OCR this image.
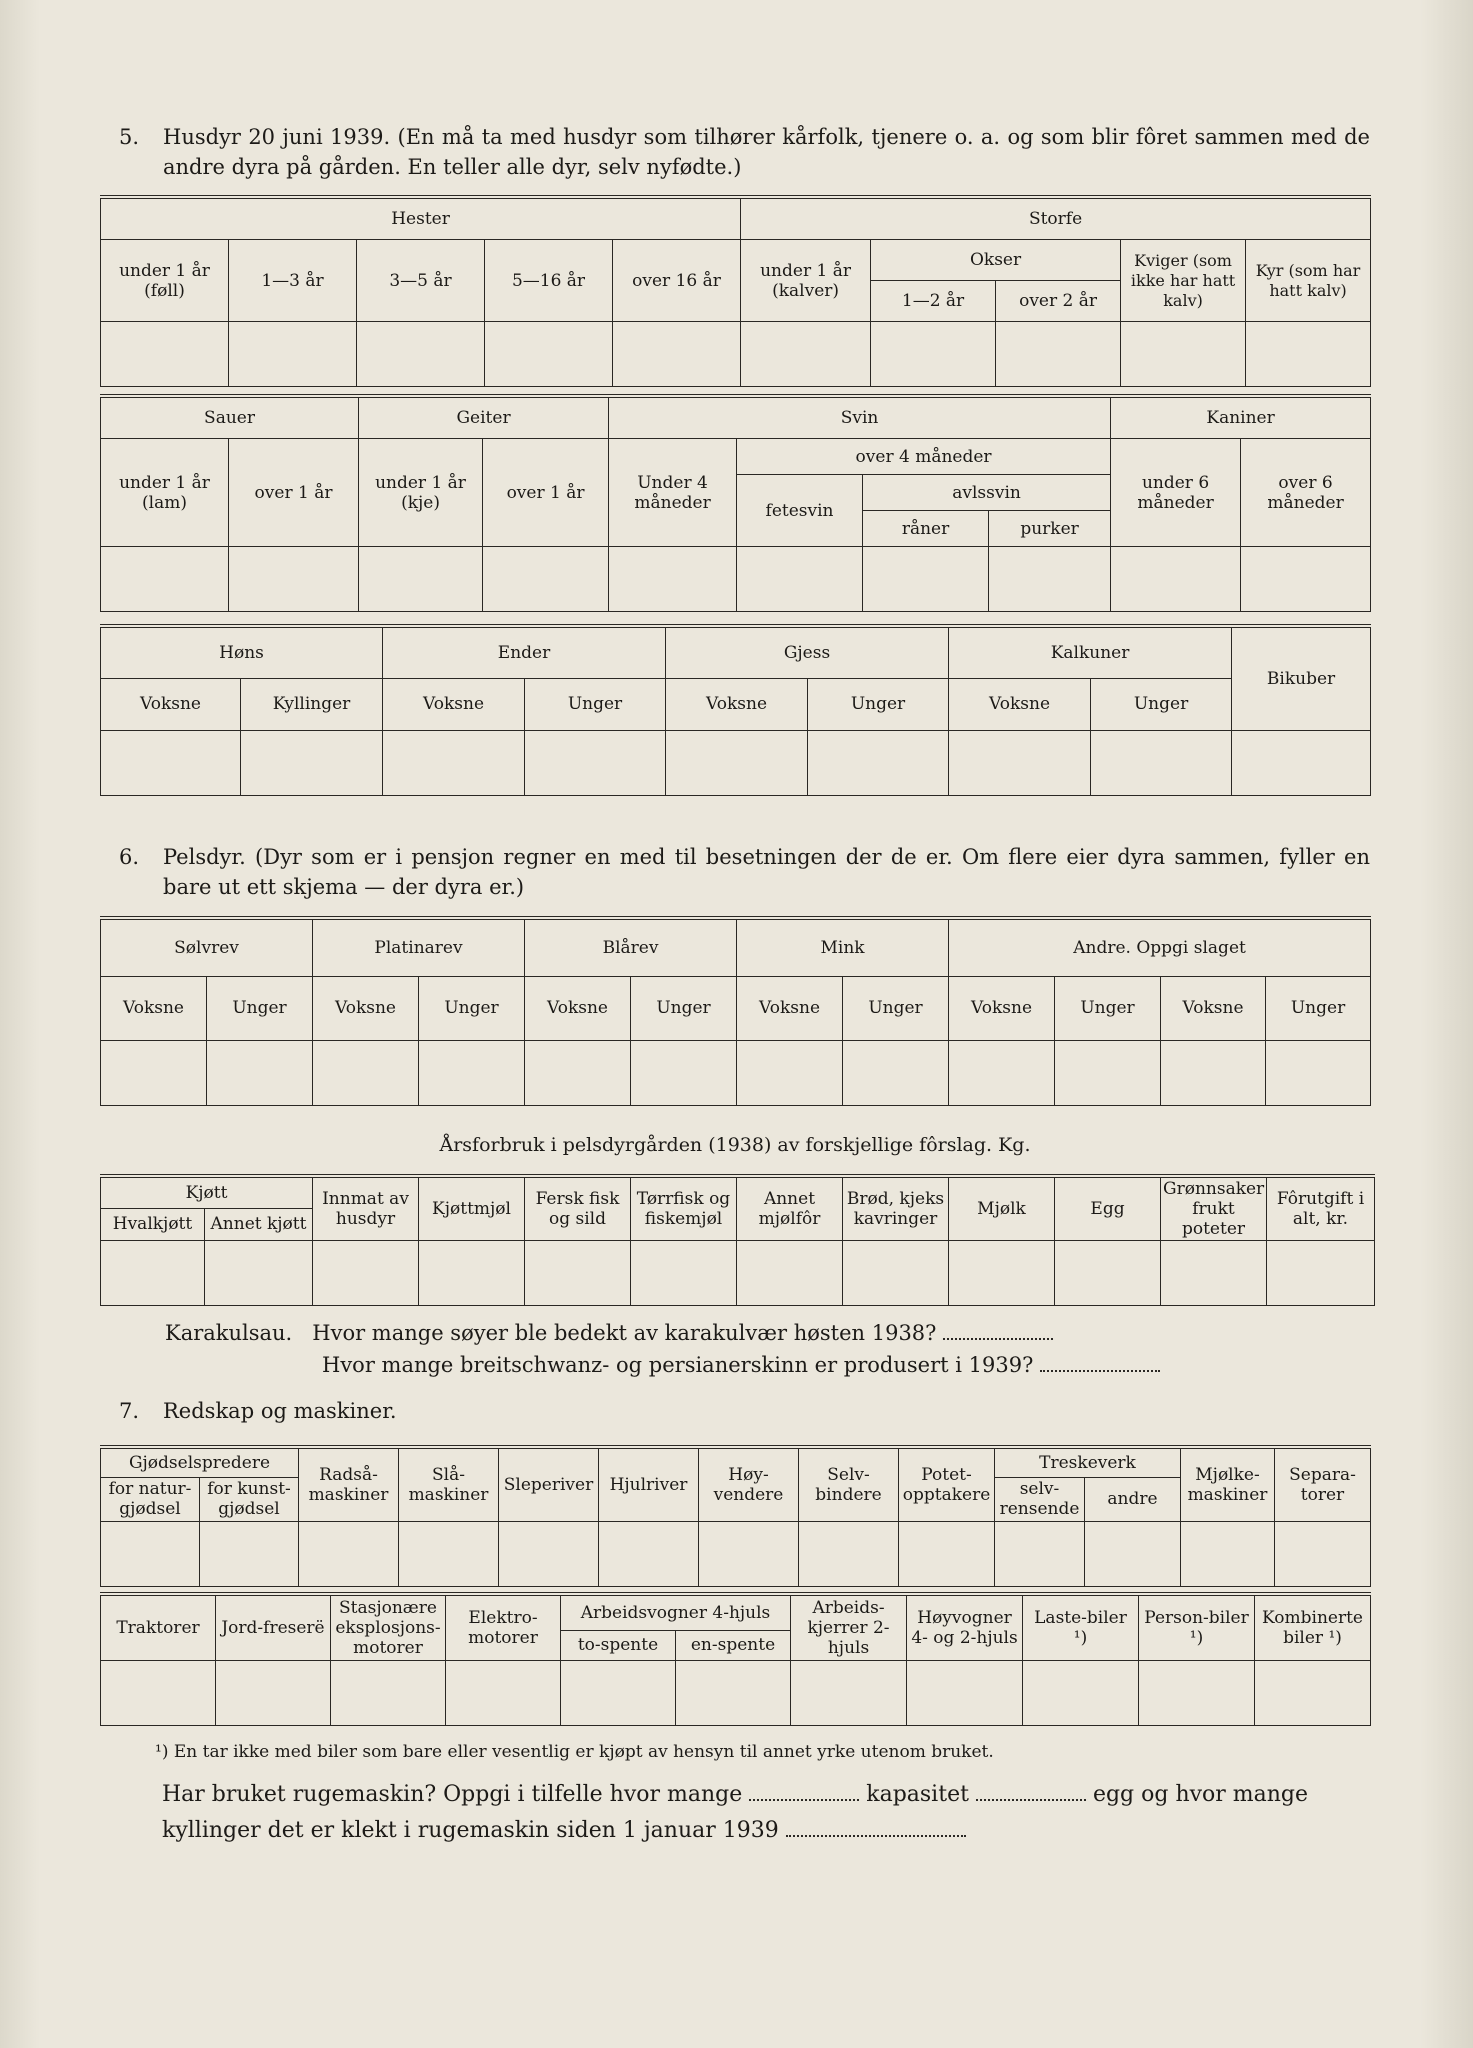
5. Husdyr 20 juni 1939. (En må ta med husdyr som tilhører kårfolk, tjenere o. a. og som blir fôret sammen med de andre dyra på gården. En teller alle dyr, selv nyfødte.)
Hester					Storfe				
under 1 år (føll)	1—3 år	3—5 år	5—16 år	over 16 år	under 1 år (kalver)	Okser		Kviger (som ikke har hatt kalv)	Kyr (som har hatt kalv)
						1—2 år	over 2 år		

Sauer		Geiter		Svin				Kaniner	
under 1 år (lam)	over 1 år	under 1 år (kje)	over 1 år	Under 4 måneder	over 4 måneder			under 6 måneder	over 6 måneder
					fetesvin	avlssvin			
						råner	purker		

Høns		Ender		Gjess		Kalkuner		Bikuber
Voksne	Kyllinger	Voksne	Unger	Voksne	Unger	Voksne	Unger	

6. Pelsdyr. (Dyr som er i pensjon regner en med til besetningen der de er. Om flere eier dyra sammen, fyller en bare ut ett skjema — der dyra er.)
Sølvrev		Platinarev		Blårev		Mink		Andre. Oppgi slaget			
Voksne	Unger	Voksne	Unger	Voksne	Unger	Voksne	Unger	Voksne	Unger	Voksne	Unger

Årsforbruk i pelsdyrgården (1938) av forskjellige fôrslag. Kg.
Kjøtt		Innmat av husdyr	Kjøttmjøl	Fersk fisk og sild	Tørrfisk og fiskemjøl	Annet mjølfôr	Brød, kjeks kavringer	Mjølk	Egg	Grønnsaker frukt poteter	Fôrutgift i alt, kr.
Hvalkjøtt	Annet kjøtt										

Karakulsau. Hvor mange søyer ble bedekt av karakulvær høsten 1938?
Hvor mange breitschwanz- og persianerskinn er produsert i 1939?
7. Redskap og maskiner.
Gjødselspredere		Radså-maskiner	Slå-maskiner	Sleperiver	Hjulriver	Høy-vendere	Selv-bindere	Potet-opptakere	Treskeverk		Mjølke-maskiner	Separa-torer
for natur-gjødsel	for kunst-gjødsel								selv-rensende	andre		

Traktorer	Jord-freserë	Stasjonære eksplosjons-motorer	Elektro-motorer	Arbeidsvogner 4-hjuls		Arbeids-kjerrer 2-hjuls	Høyvogner 4- og 2-hjuls	Laste-biler ¹)	Person-biler ¹)	Kombinerte biler ¹)
				to-spente	en-spente					

¹) En tar ikke med biler som bare eller vesentlig er kjøpt av hensyn til annet yrke utenom bruket.
Har bruket rugemaskin? Oppgi i tilfelle hvor mange	kapasitet	egg og hvor mange
kyllinger det er klekt i rugemaskin siden 1 januar 1939
